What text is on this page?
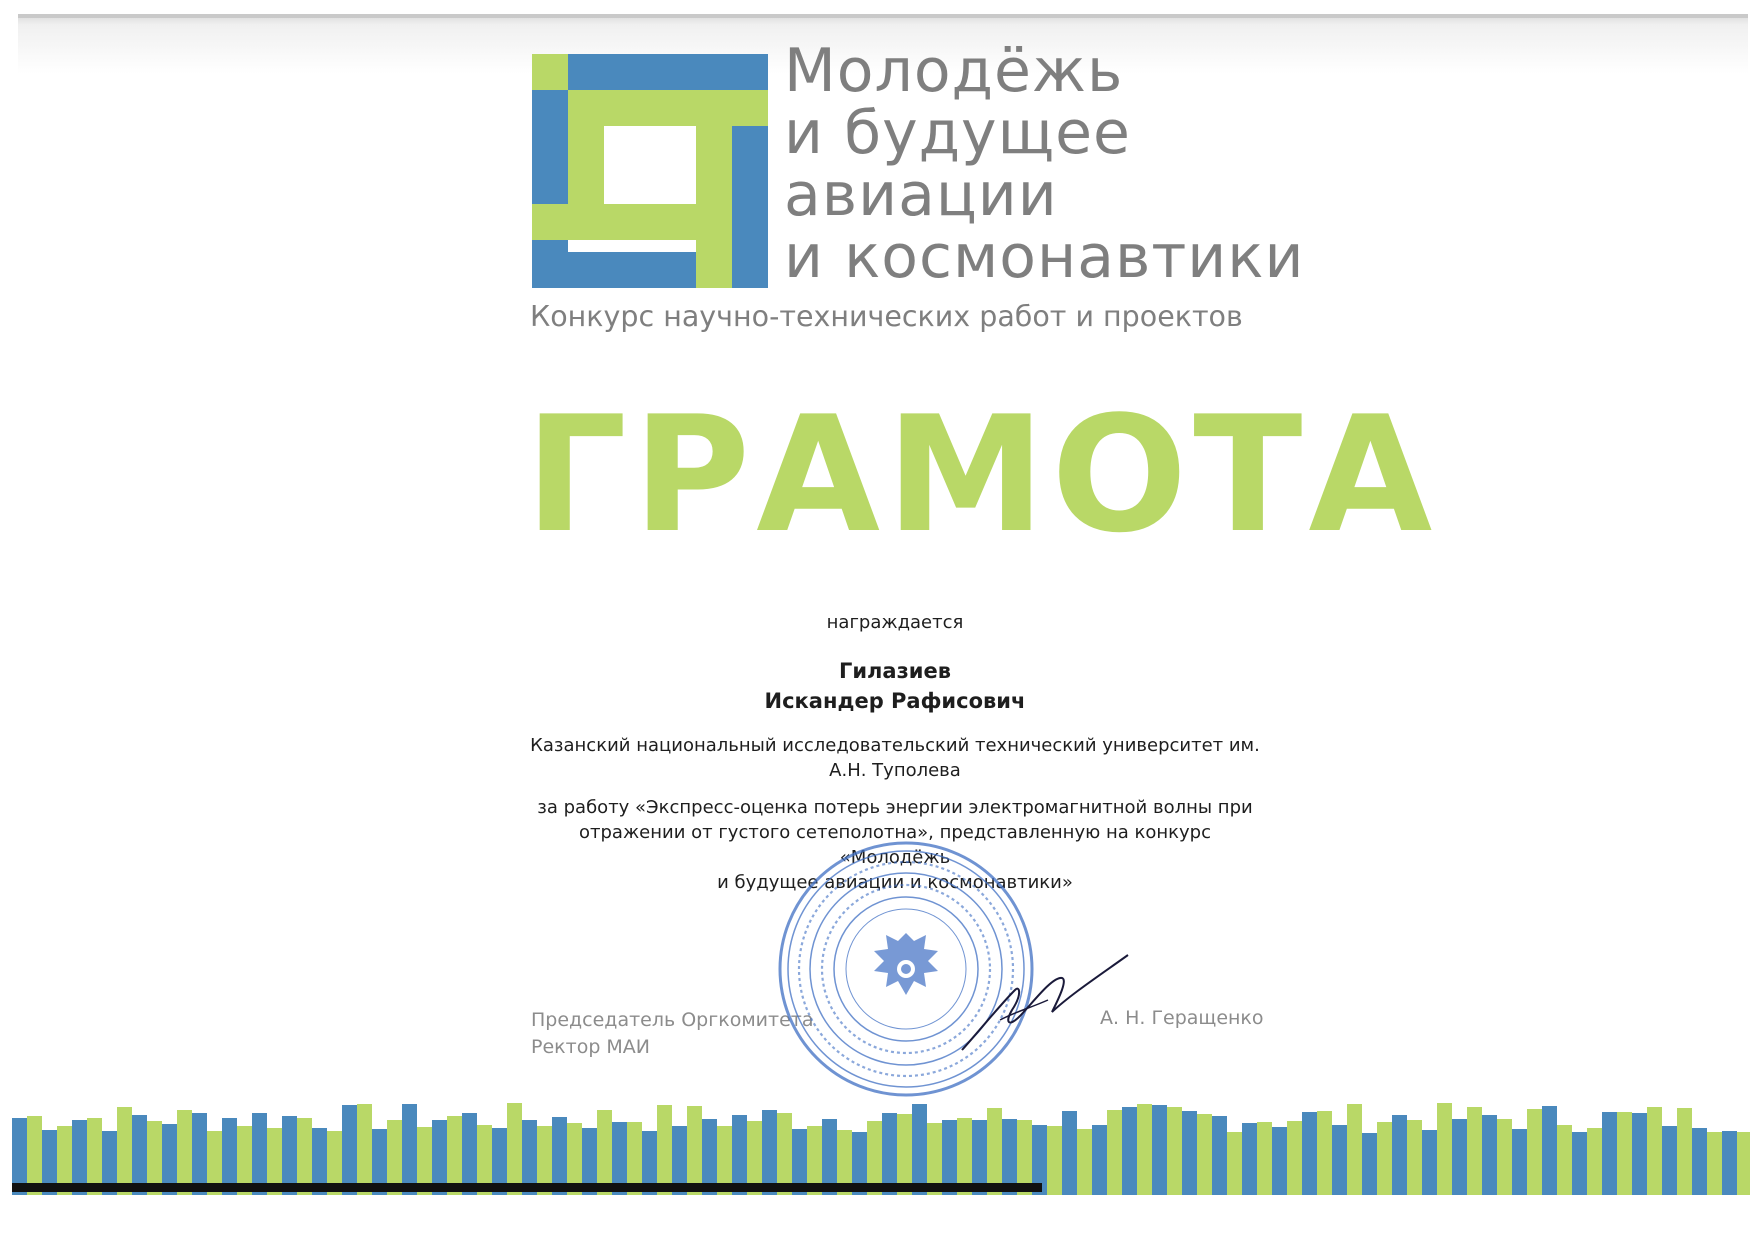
Молодёжь
и будущее
авиации
и космонавтики
Конкурс научно-технических работ и проектов
ГРАМОТА
награждается
Гилазиев
Искандер Рафисович
Казанский национальный исследовательский технический университет им. А.Н. Туполева
за работу «Экспресс-оценка потерь энергии электромагнитной волны при
отражении от густого сетеполотна», представленную на конкурс «Молодёжь
и будущее авиации и космонавтики»
Председатель Оргкомитета
Ректор МАИ
А. Н. Геращенко
